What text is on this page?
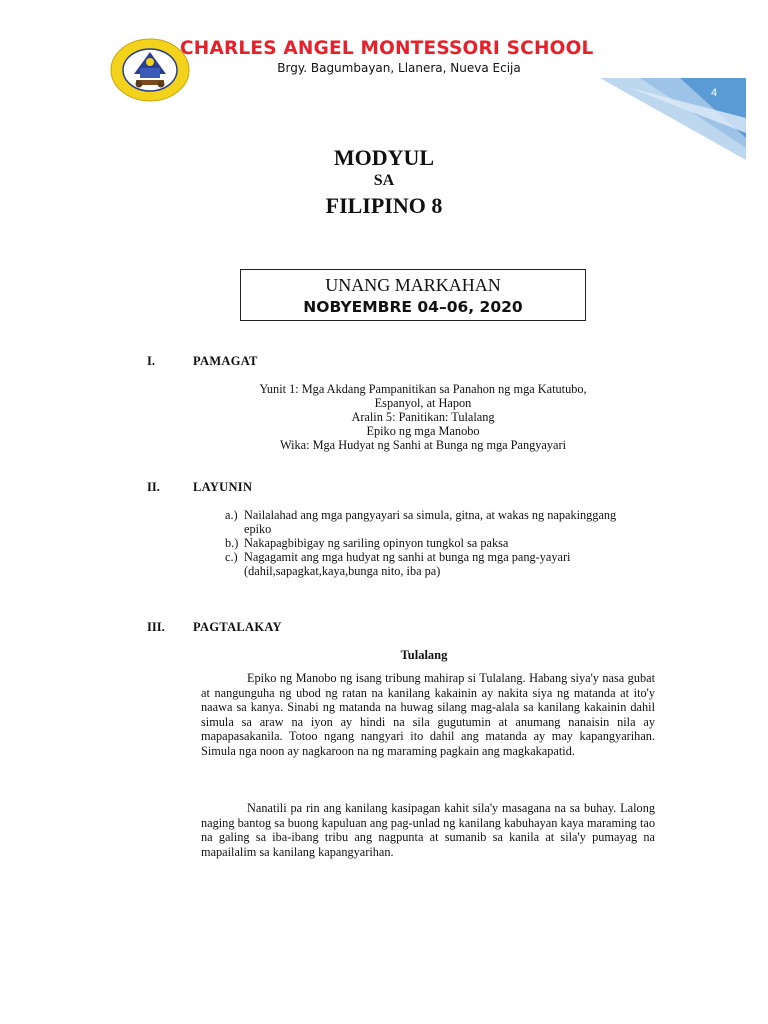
CHARLES ANGEL MONTESSORI SCHOOL
Brgy. Bagumbayan, Llanera, Nueva Ecija
4
MODYUL
SA
FILIPINO 8
UNANG MARKAHAN
NOBYEMBRE 04–06, 2020
I.	PAMAGAT
Yunit 1: Mga Akdang Pampanitikan sa Panahon ng mga Katutubo,
Espanyol, at Hapon
Aralin 5: Panitikan: Tulalang
Epiko ng mga Manobo
Wika: Mga Hudyat ng Sanhi at Bunga ng mga Pangyayari
II.	LAYUNIN
a.) Nailalahad ang mga pangyayari sa simula, gitna, at wakas ng napakinggang epiko
b.) Nakapagbibigay ng sariling opinyon tungkol sa paksa
c.) Nagagamit ang mga hudyat ng sanhi at bunga ng mga pang-yayari (dahil,sapagkat,kaya,bunga nito, iba pa)
III. PAGTALAKAY
Tulalang
Epiko ng Manobo ng isang tribung mahirap si Tulalang. Habang siya'y nasa gubat at nangunguha ng ubod ng ratan na kanilang kakainin ay nakita siya ng matanda at ito'y naawa sa kanya. Sinabi ng matanda na huwag silang mag-alala sa kanilang kakainin dahil simula sa araw na iyon ay hindi na sila gugutumin at anumang nanaisin nila ay mapapasakanila. Totoo ngang nangyari ito dahil ang matanda ay may kapangyarihan. Simula nga noon ay nagkaroon na ng maraming pagkain ang magkakapatid.
Nanatili pa rin ang kanilang kasipagan kahit sila'y masagana na sa buhay. Lalong naging bantog sa buong kapuluan ang pag-unlad ng kanilang kabuhayan kaya maraming tao na galing sa iba-ibang tribu ang nagpunta at sumanib sa kanila at sila'y pumayag na mapailalim sa kanilang kapangyarihan.
